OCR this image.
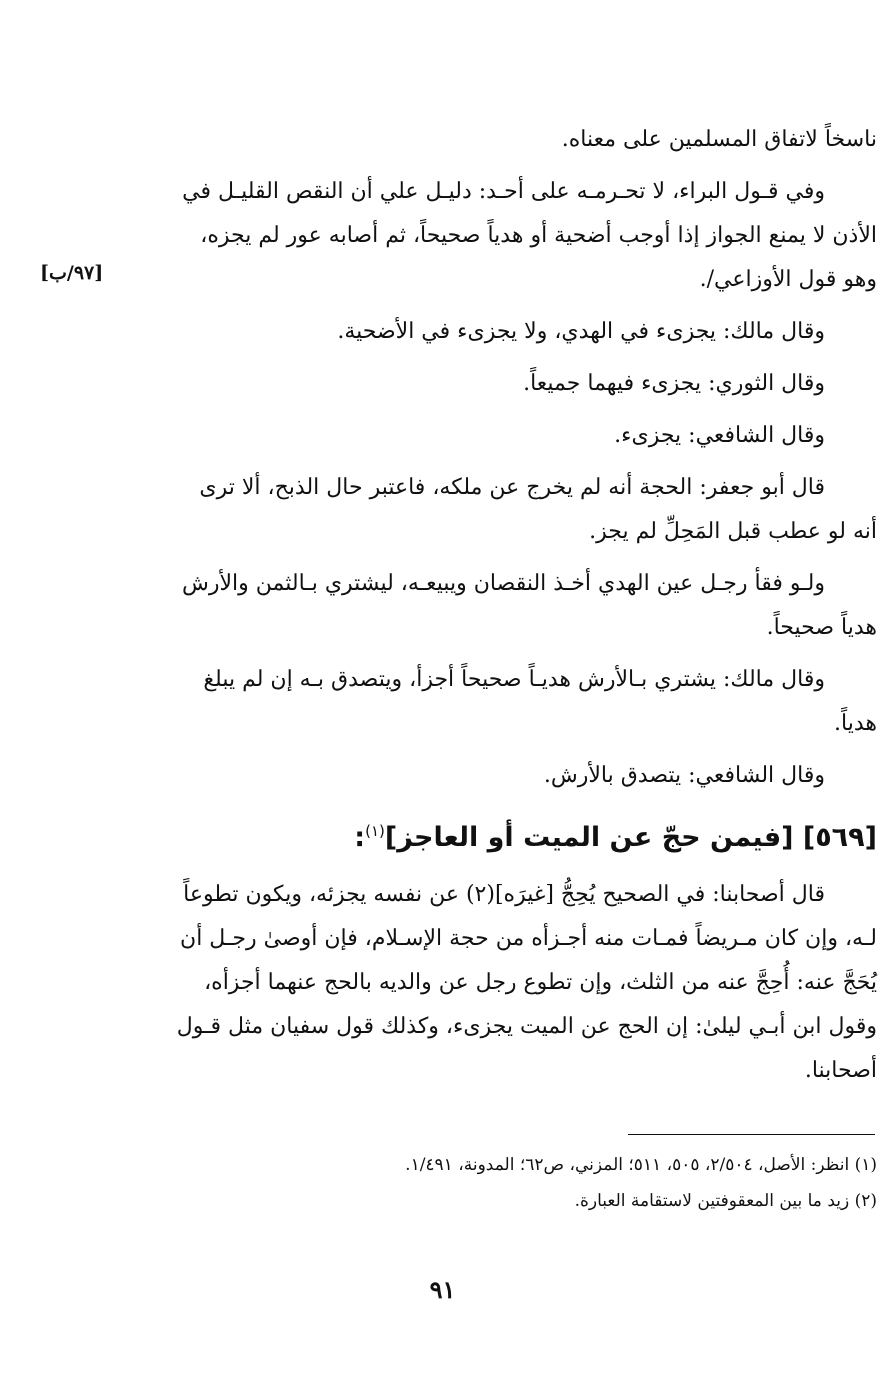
[٩٧/ب]

ناسخاً لاتفاق المسلمين على معناه.

وفي قـول البراء، لا تحـرمـه على أحـد: دليـل علي أن النقص القليـل في
الأذن لا يمنع الجواز إذا أوجب أضحية أو هدياً صحيحاً، ثم أصابه عور لم يجزه،
وهو قول الأوزاعي/.

وقال مالك: يجزىء في الهدي، ولا يجزىء في الأضحية.

وقال الثوري: يجزىء فيهما جميعاً.

وقال الشافعي: يجزىء.

قال أبو جعفر: الحجة أنه لم يخرج عن ملكه، فاعتبر حال الذبح، ألا ترى
أنه لو عطب قبل المَحِلِّ لم يجز.

ولـو فقأ رجـل عين الهدي أخـذ النقصان ويبيعـه، ليشتري بـالثمن والأرش
هدياً صحيحاً.

وقال مالك: يشتري بـالأرش هديـاً صحيحاً أجزأ، ويتصدق بـه إن لم يبلغ
هدياً.

وقال الشافعي: يتصدق بالأرش.

[٥٦٩] [فيمن حجّ عن الميت أو العاجز]$^{(١)}$:

قال أصحابنا: في الصحيح يُحِجُّ [غيرَه](٢) عن نفسه يجزئه، ويكون تطوعاً
لـه، وإن كان مـريضاً فمـات منه أجـزأه من حجة الإسـلام، فإن أوصىٰ رجـل أن
يُحَجَّ عنه: أُحِجَّ عنه من الثلث، وإن تطوع رجل عن والديه بالحج عنهما أجزأه،
وقول ابن أبـي ليلىٰ: إن الحج عن الميت يجزىء، وكذلك قول سفيان مثل قـول
أصحابنا.

(١) انظر: الأصل، ٢/٥٠٤، ٥٠٥، ٥١١؛ المزني، ص٦٢؛ المدونة، ١/٤٩١.
(٢) زيد ما بين المعقوفتين لاستقامة العبارة.
٩١
